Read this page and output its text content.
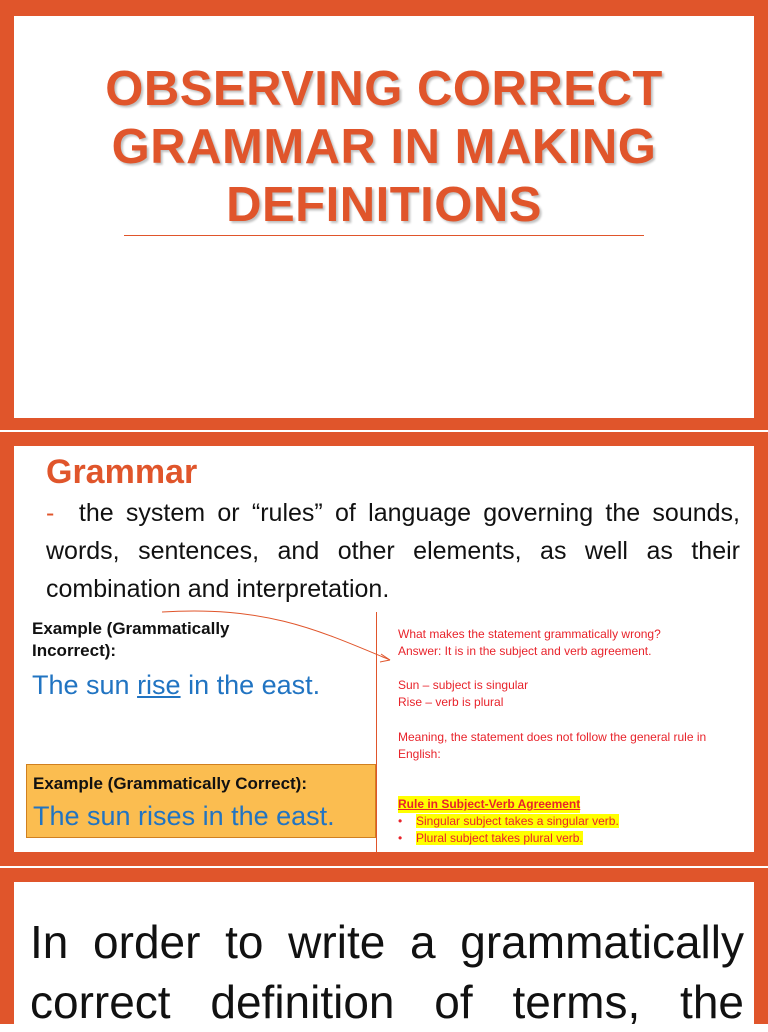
OBSERVING CORRECT
GRAMMAR IN MAKING
DEFINITIONS
Grammar
- the system or “rules” of language governing the sounds, words, sentences, and other elements, as well as their combination and interpretation.
Example (Grammatically Incorrect):
The sun rise in the east.
Example (Grammatically Correct):
The sun rises in the east.
What makes the statement grammatically wrong?
Answer: It is in the subject and verb agreement.
Sun – subject is singular
Rise – verb is plural
Meaning, the statement does not follow the general rule in
English:
Rule in Subject-Verb Agreement
• Singular subject takes a singular verb.
• Plural subject takes plural verb.
In order to write a grammatically
correct definition of terms, the
